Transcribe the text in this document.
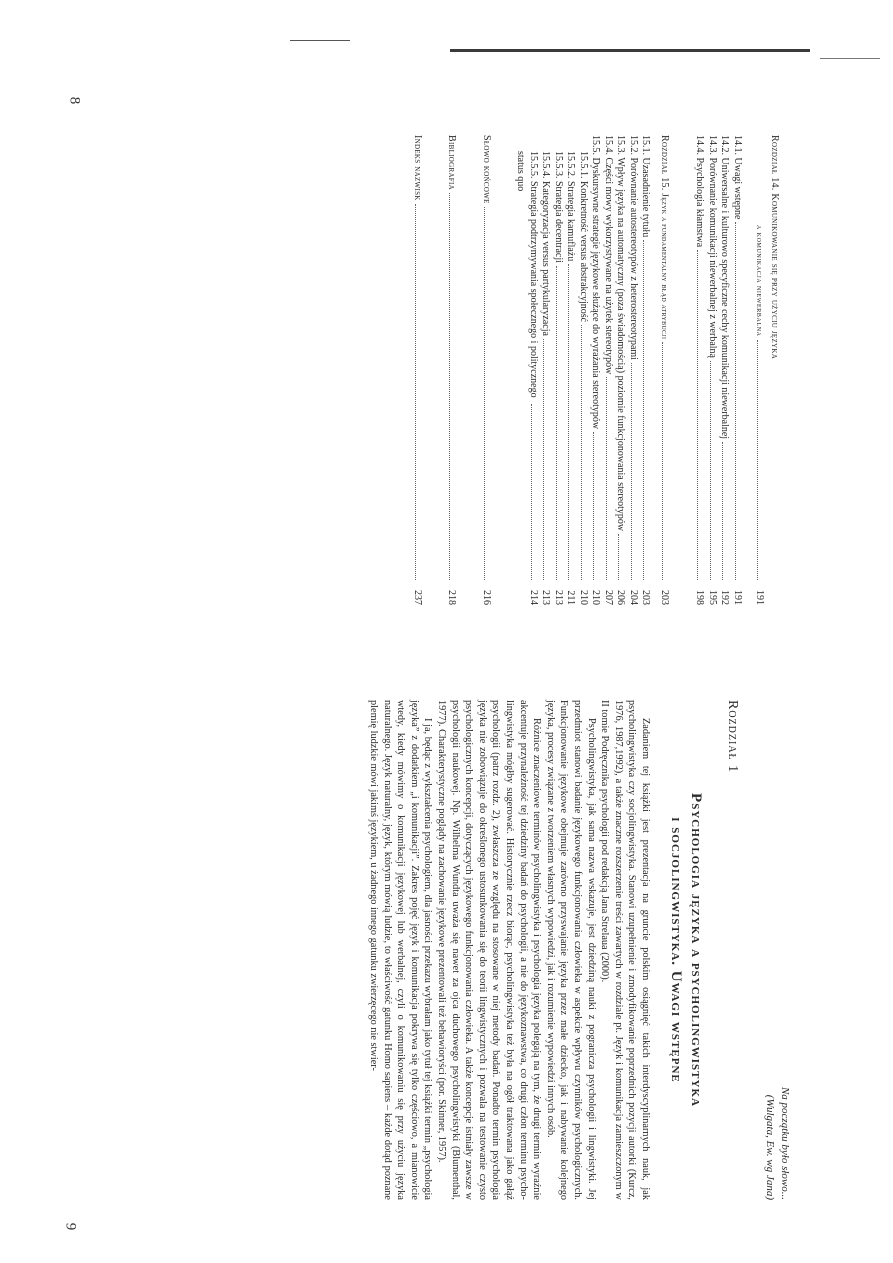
8
9
Rozdział 14. Komunikowanie się przy użyciu języka
a komunikacja niewerbalna
191
14.1. Uwagi wstępne
191
14.2. Uniwersalne i kulturowo specyficzne cechy komunikacji niewerbalnej
192
14.3. Porównanie komunikacji niewerbalnej z werbalną
195
14.4. Psychologia kłamstwa
198
Rozdział 15. Język a fundamentalny błąd atrybucji
203
15.1. Uzasadnienie tytułu
203
15.2. Porównanie autostereotypów z heterostereotypami
204
15.3. Wpływ języka na automatyczny (poza świadomością) poziomie funkcjonowania stereotypów
206
15.4. Części mowy wykorzystywane na użytek stereotypów
207
15.5. Dyskursywne strategie językowe służące do wyrażania stereotypów
210
15.5.1. Konkretność versus abstrakcyjność
210
15.5.2. Strategia kamuflażu
211
15.5.3. Strategia decentracji
213
15.5.4. Kategoryzacja versus partykularyzacja
213
15.5.5. Strategia podtrzymywania społecznego i politycznego status quo
214
Słowo końcowe
216
Bibliografia
218
Indeks nazwisk
237

Na początku było słowo...

(Wulgata, Ew. wg Jana)

Rozdział 1
Psychologia języka a psycholingwistyka
i socjolingwistyka. Uwagi wstępne

Zadaniem tej książki jest prezentacja na gruncie polskim osiągnięć takich interdyscyplinarnych nauk, jak psycholingwistyka czy socjolingwistyka. Stanowi uzupełnienie i zmodyfikowanie poprzednich pozycji autorki (Kurcz, 1976, 1987,1992), a także znaczne rozszerzenie treści zawartych w rozdziale pt. Język i komunikacja zamieszczonym w II tomie Podręcznika psychologii pod redakcją Jana Strelaua (2000).

Psycholingwistyka, jak sama nazwa wskazuje, jest dziedziną nauki z pogranicza psychologii i lingwistyki. Jej przedmiot stanowi badanie językowego funkcjonowania człowieka w aspekcie wpływu czynników psychologicznych. Funkcjonowanie językowe obejmuje zarówno przyswajanie języka przez małe dziecko, jak i nabywanie kolejnego języka, procesy związane z tworzeniem własnych wypowiedzi, jak i rozumienie wypowiedzi innych osób.

Różnice znaczeniowe terminów psycholingwistyka i psychologia języka polegają na tym, że drugi termin wyraźnie akcentuje przynależność tej dziedziny badań do psychologii, a nie do językoznawstwa, co drugi człon terminu psycho-lingwistyka mógłby sugerować. Historycznie rzecz biorąc, psycholingwistyka też była na ogół traktowana jako gałąź psychologii (patrz rozdz. 2), zwłaszcza ze względu na stosowane w niej metody badań. Ponadto termin psychologia języka nie zobowiązuje do określonego ustosunkowania się do teorii lingwistycznych i pozwala na testowanie czysto psychologicznych koncepcji, dotyczących językowego funkcjonowania człowieka. A także koncepcje istniały zawsze w psychologii naukowej. Np. Wilhelma Wundta uważa się nawet za ojca duchowego psycholingwistyki (Blumenthal, 1977). Charakterystyczne poglądy na zachowanie językowe prezentowali też behawioryści (por. Skinner, 1957).

I ja, będąc z wykształcenia psychologiem, dla jasności przekazu wybrałam jako tytuł tej książki termin „psychologia języka” z dodatkiem „i komunikacji”. Zakres pojęć język i komunikacja pokrywa się tylko częściowo, a mianowicie wtedy, kiedy mówimy o komunikacji językowej lub werbalnej, czyli o komunikowaniu się przy użyciu języka naturalnego. Język naturalny, język, którym mówią ludzie, to właściwość gatunku Homo sapiens – każde dotąd poznane plemię ludzkie mówi jakimś językiem, u żadnego innego gatunku zwierzęcego nie stwier-
